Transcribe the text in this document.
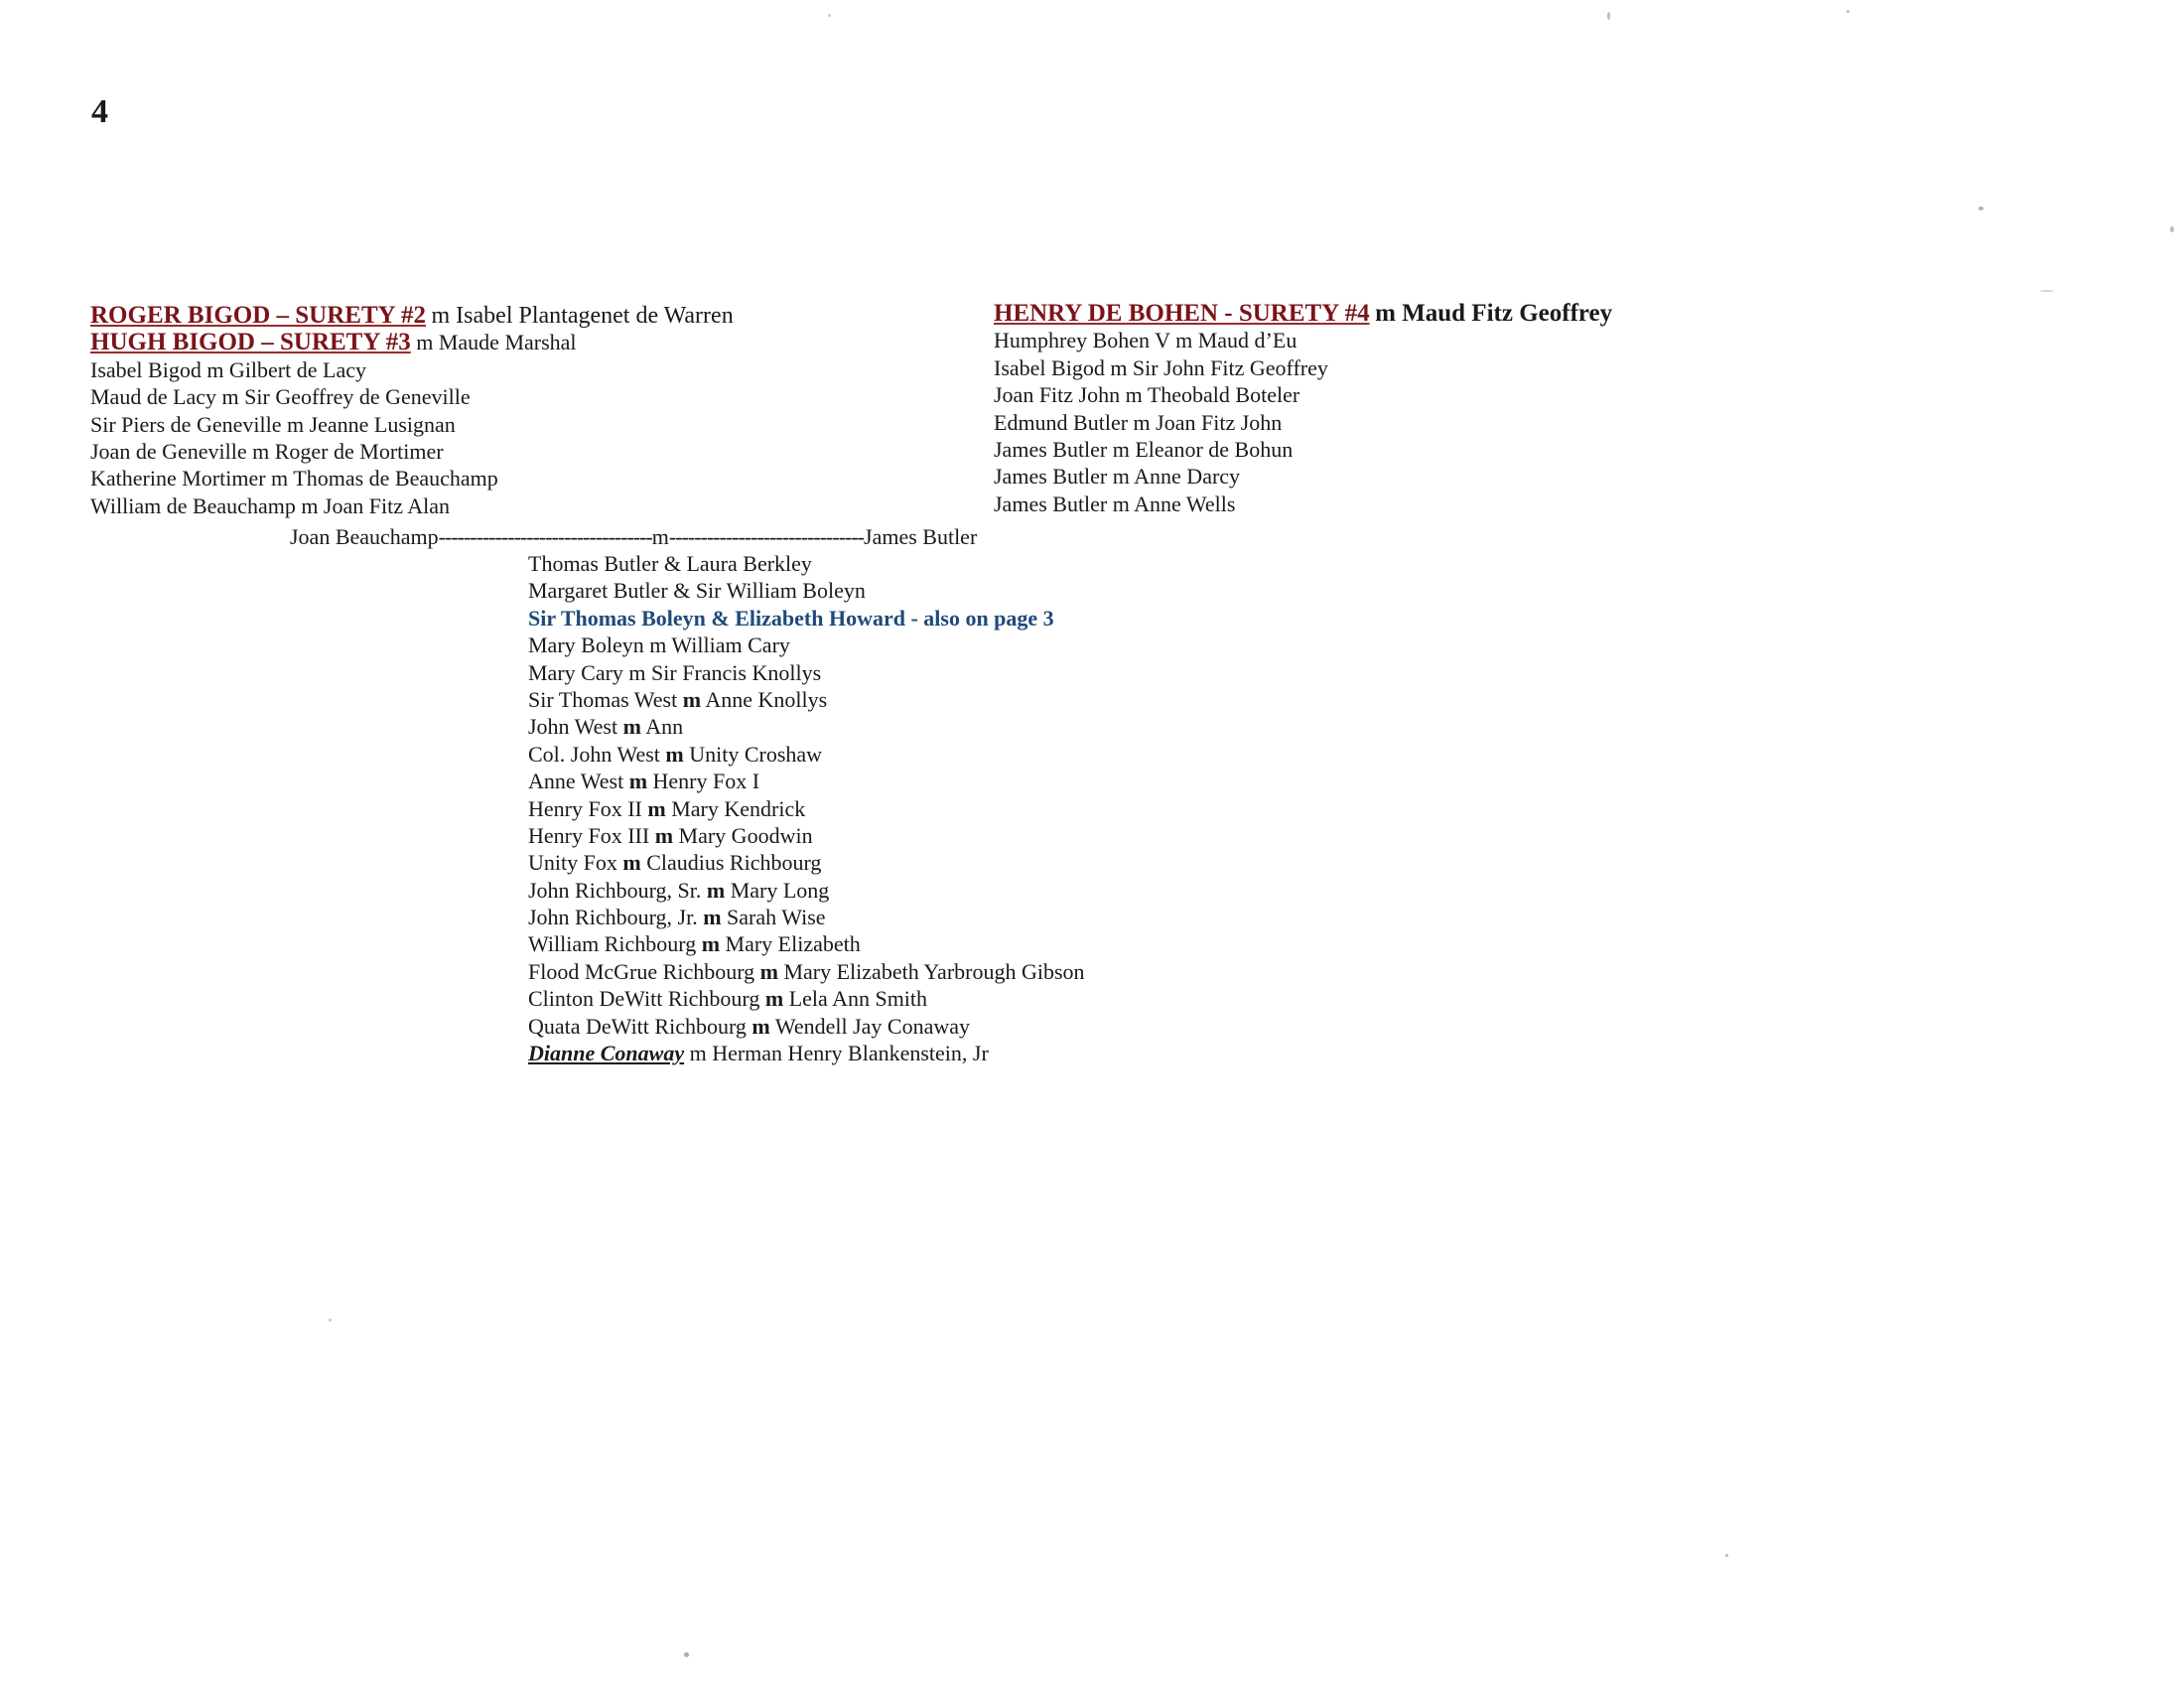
4
ROGER BIGOD – SURETY #2 m Isabel Plantagenet de Warren
HUGH BIGOD – SURETY #3 m Maude Marshal
Isabel Bigod m Gilbert de Lacy
Maud de Lacy m Sir Geoffrey de Geneville
Sir Piers de Geneville m Jeanne Lusignan
Joan de Geneville m Roger de Mortimer
Katherine Mortimer m Thomas de Beauchamp
William de Beauchamp m Joan Fitz Alan
HENRY DE BOHEN - SURETY #4 m Maud Fitz Geoffrey
Humphrey Bohen V m Maud d’Eu
Isabel Bigod m Sir John Fitz Geoffrey
Joan Fitz John m Theobald Boteler
Edmund Butler m Joan Fitz John
James Butler m Eleanor de Bohun
James Butler m Anne Darcy
James Butler m Anne Wells
Joan Beauchamp----------------------------------m-------------------------------James Butler
Thomas Butler & Laura Berkley
Margaret Butler & Sir William Boleyn
Sir Thomas Boleyn & Elizabeth Howard - also on page 3
Mary Boleyn m William Cary
Mary Cary m Sir Francis Knollys
Sir Thomas West m Anne Knollys
John West m Ann
Col. John West m Unity Croshaw
Anne West m Henry Fox I
Henry Fox II m Mary Kendrick
Henry Fox III m Mary Goodwin
Unity Fox m Claudius Richbourg
John Richbourg, Sr. m Mary Long
John Richbourg, Jr. m Sarah Wise
William Richbourg m Mary Elizabeth
Flood McGrue Richbourg m Mary Elizabeth Yarbrough Gibson
Clinton DeWitt Richbourg m Lela Ann Smith
Quata DeWitt Richbourg m Wendell Jay Conaway
Dianne Conaway m Herman Henry Blankenstein, Jr
